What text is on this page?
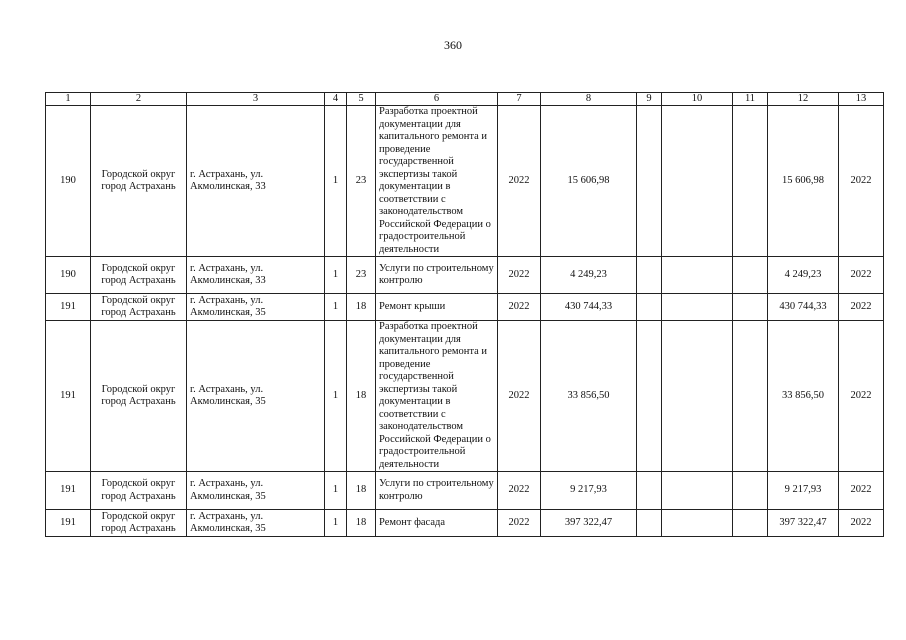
360
1	2	3	4	5	6	7	8	9	10	11	12	13
190	Городской округ город Астрахань	г. Астрахань, ул. Акмолинская, 33	1	23	Разработка проектной документации для капитального ремонта и проведение государственной экспертизы такой документации в соответствии с законодательством Российской Федерации о градостроительной деятельности	2022	15 606,98				15 606,98	2022
190	Городской округ город Астрахань	г. Астрахань, ул. Акмолинская, 33	1	23	Услуги по строительному контролю	2022	4 249,23				4 249,23	2022
191	Городской округ город Астрахань	г. Астрахань, ул. Акмолинская, 35	1	18	Ремонт крыши	2022	430 744,33				430 744,33	2022
191	Городской округ город Астрахань	г. Астрахань, ул. Акмолинская, 35	1	18	Разработка проектной документации для капитального ремонта и проведение государственной экспертизы такой документации в соответствии с законодательством Российской Федерации о градостроительной деятельности	2022	33 856,50				33 856,50	2022
191	Городской округ город Астрахань	г. Астрахань, ул. Акмолинская, 35	1	18	Услуги по строительному контролю	2022	9 217,93				9 217,93	2022
191	Городской округ город Астрахань	г. Астрахань, ул. Акмолинская, 35	1	18	Ремонт фасада	2022	397 322,47				397 322,47	2022
